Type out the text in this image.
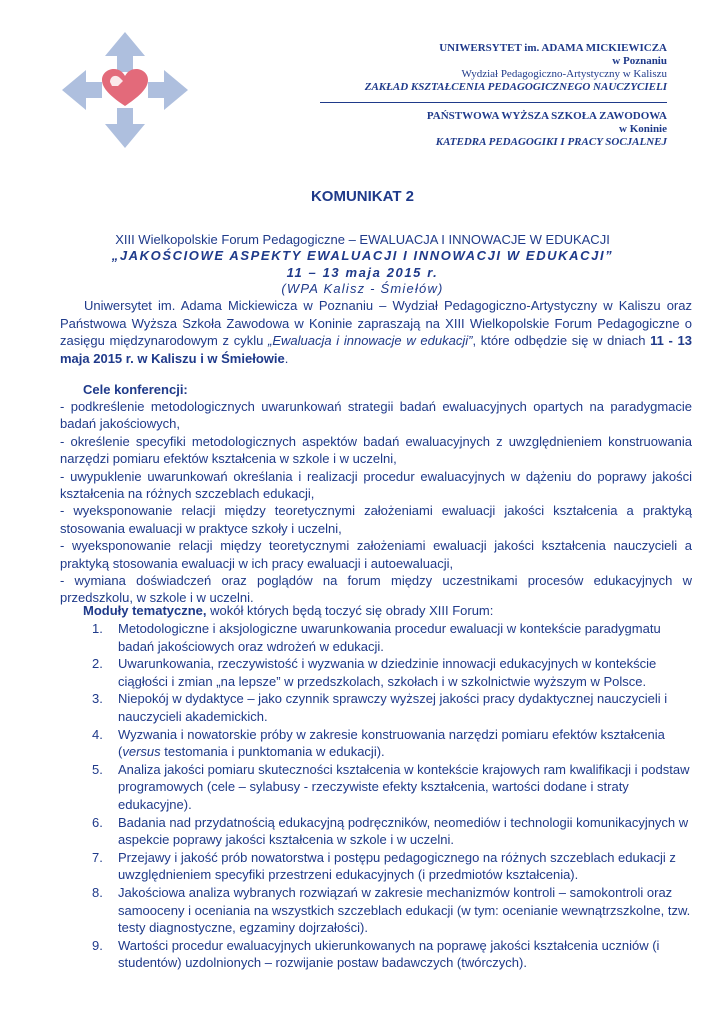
UNIWERSYTET im. ADAMA MICKIEWICZA
w Poznaniu
Wydział Pedagogiczno-Artystyczny w Kaliszu
ZAKŁAD KSZTAŁCENIA PEDAGOGICZNEGO NAUCZYCIELI
PAŃSTWOWA WYŻSZA SZKOŁA ZAWODOWA
w Koninie
KATEDRA PEDAGOGIKI I PRACY SOCJALNEJ
KOMUNIKAT 2
XIII Wielkopolskie Forum Pedagogiczne – EWALUACJA I INNOWACJE W EDUKACJI
„JAKOŚCIOWE ASPEKTY EWALUACJI I INNOWACJI W EDUKACJI”
11 – 13 maja 2015 r.
(WPA Kalisz - Śmiełów)
Uniwersytet im. Adama Mickiewicza w Poznaniu – Wydział Pedagogiczno-Artystyczny w Kaliszu oraz Państwowa Wyższa Szkoła Zawodowa w Koninie zapraszają na XIII Wielkopolskie Forum Pedagogiczne o zasięgu międzynarodowym z cyklu „Ewaluacja i innowacje w edukacji”, które odbędzie się w dniach 11 - 13 maja 2015 r. w Kaliszu i w Śmiełowie.
Cele konferencji:
- podkreślenie metodologicznych uwarunkowań strategii badań ewaluacyjnych opartych na paradygmacie badań jakościowych,
- określenie specyfiki metodologicznych aspektów badań ewaluacyjnych z uwzględnieniem konstruowania narzędzi pomiaru efektów kształcenia w szkole i w uczelni,
- uwypuklenie uwarunkowań określania i realizacji procedur ewaluacyjnych w dążeniu do poprawy jakości kształcenia na różnych szczeblach edukacji,
- wyeksponowanie relacji między teoretycznymi założeniami ewaluacji jakości kształcenia a praktyką stosowania ewaluacji w praktyce szkoły i uczelni,
- wyeksponowanie relacji między teoretycznymi założeniami ewaluacji jakości kształcenia nauczycieli a praktyką stosowania ewaluacji w ich pracy ewaluacji i autoewaluacji,
- wymiana doświadczeń oraz poglądów na forum między uczestnikami procesów edukacyjnych w przedszkolu, w szkole i w uczelni.
Moduły tematyczne, wokół których będą toczyć się obrady XIII Forum:
1.	Metodologiczne i aksjologiczne uwarunkowania procedur ewaluacji w kontekście paradygmatu badań jakościowych oraz wdrożeń w edukacji.
2.	Uwarunkowania, rzeczywistość i wyzwania w dziedzinie innowacji edukacyjnych w kontekście ciągłości i zmian „na lepsze” w przedszkolach, szkołach i w szkolnictwie wyższym w Polsce.
3.	Niepokój w dydaktyce – jako czynnik sprawczy wyższej jakości pracy dydaktycznej nauczycieli i nauczycieli akademickich.
4.	Wyzwania i nowatorskie próby w zakresie konstruowania narzędzi pomiaru efektów kształcenia (versus testomania i punktomania w edukacji).
5.	Analiza jakości pomiaru skuteczności kształcenia w kontekście krajowych ram kwalifikacji i podstaw programowych (cele – sylabusy - rzeczywiste efekty kształcenia, wartości dodane i straty edukacyjne).
6.	Badania nad przydatnością edukacyjną podręczników, neomediów i technologii komunikacyjnych w aspekcie poprawy jakości kształcenia w szkole i w uczelni.
7.	Przejawy i jakość prób nowatorstwa i postępu pedagogicznego na różnych szczeblach edukacji z uwzględnieniem specyfiki przestrzeni edukacyjnych (i przedmiotów kształcenia).
8.	Jakościowa analiza wybranych rozwiązań w zakresie mechanizmów kontroli – samokontroli oraz samooceny i oceniania na wszystkich szczeblach edukacji (w tym: ocenianie wewnątrzszkolne, tzw. testy diagnostyczne, egzaminy dojrzałości).
9.	Wartości procedur ewaluacyjnych ukierunkowanych na poprawę jakości kształcenia uczniów (i studentów) uzdolnionych – rozwijanie postaw badawczych (twórczych).
